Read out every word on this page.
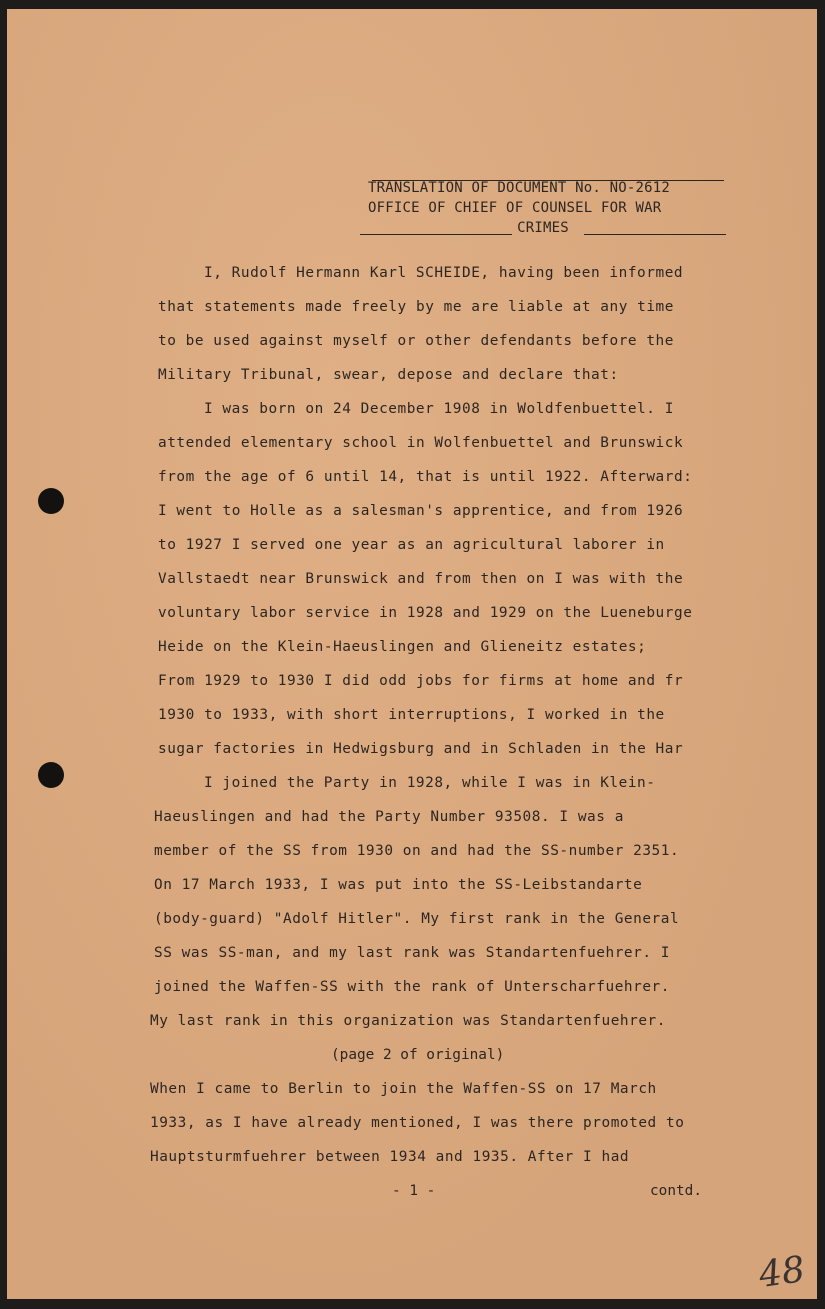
TRANSLATION OF DOCUMENT No. NO-2612
OFFICE OF CHIEF OF COUNSEL FOR WAR
CRIMES
I, Rudolf Hermann Karl SCHEIDE, having been informed
that statements made freely by me are liable at any time
to be used against myself or other defendants before the
Military Tribunal, swear, depose and declare that:
I was born on 24 December 1908 in Woldfenbuettel. I
attended elementary school in Wolfenbuettel and Brunswick
from the age of 6 until 14, that is until 1922. Afterward:
I went to Holle as a salesman's apprentice, and from 1926
to 1927 I served one year as an agricultural laborer in
Vallstaedt near Brunswick and from then on I was with the
voluntary labor service in 1928 and 1929 on the Lueneburge
Heide on the Klein-Haeuslingen and Glieneitz estates;
From 1929 to 1930 I did odd jobs for firms at home and fr
1930 to 1933, with short interruptions, I worked in the
sugar factories in Hedwigsburg and in Schladen in the Har
I joined the Party in 1928, while I was in Klein-
Haeuslingen and had the Party Number 93508. I was a
member of the SS from 1930 on and had the SS-number 2351.
On 17 March 1933, I was put into the SS-Leibstandarte
(body-guard) "Adolf Hitler". My first rank in the General
SS was SS-man, and my last rank was Standartenfuehrer. I
joined the Waffen-SS with the rank of Unterscharfuehrer.
My last rank in this organization was Standartenfuehrer.
(page 2 of original)
When I came to Berlin to join the Waffen-SS on 17 March
1933, as I have already mentioned, I was there promoted to
Hauptsturmfuehrer between 1934 and 1935. After I had
- 1 -	contd.
48
